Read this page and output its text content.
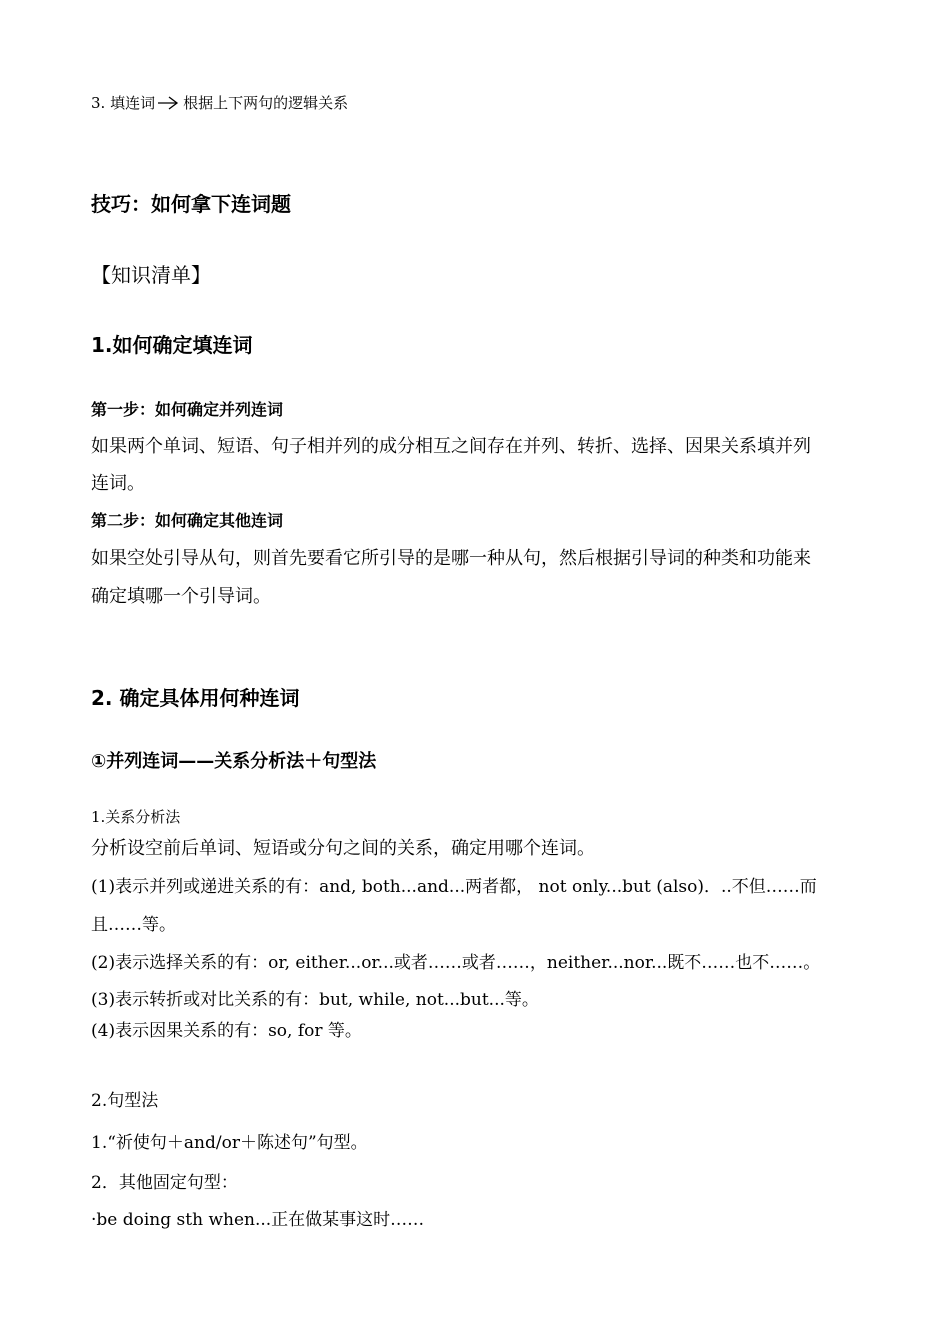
3. 填连词 根据上下两句的逻辑关系
技巧：如何拿下连词题
【知识清单】
1.如何确定填连词
第一步：如何确定并列连词
如果两个单词、短语、句子相并列的成分相互之间存在并列、转折、选择、因果关系填并列
连词。
第二步：如何确定其他连词
如果空处引导从句，则首先要看它所引导的是哪一种从句，然后根据引导词的种类和功能来
确定填哪一个引导词。
2. 确定具体用何种连词
①并列连词——关系分析法＋句型法
1.关系分析法
分析设空前后单词、短语或分句之间的关系，确定用哪个连词。
(1)表示并列或递进关系的有：and, both...and...两者都， not only...but (also)．..不但……而
且……等。
(2)表示选择关系的有：or, either...or...或者……或者……，neither...nor...既不……也不……。
(3)表示转折或对比关系的有：but, while, not...but...等。
(4)表示因果关系的有：so, for 等。
2.句型法
1.“祈使句＋and/or＋陈述句”句型。
2．其他固定句型：
·be doing sth when...正在做某事这时……
